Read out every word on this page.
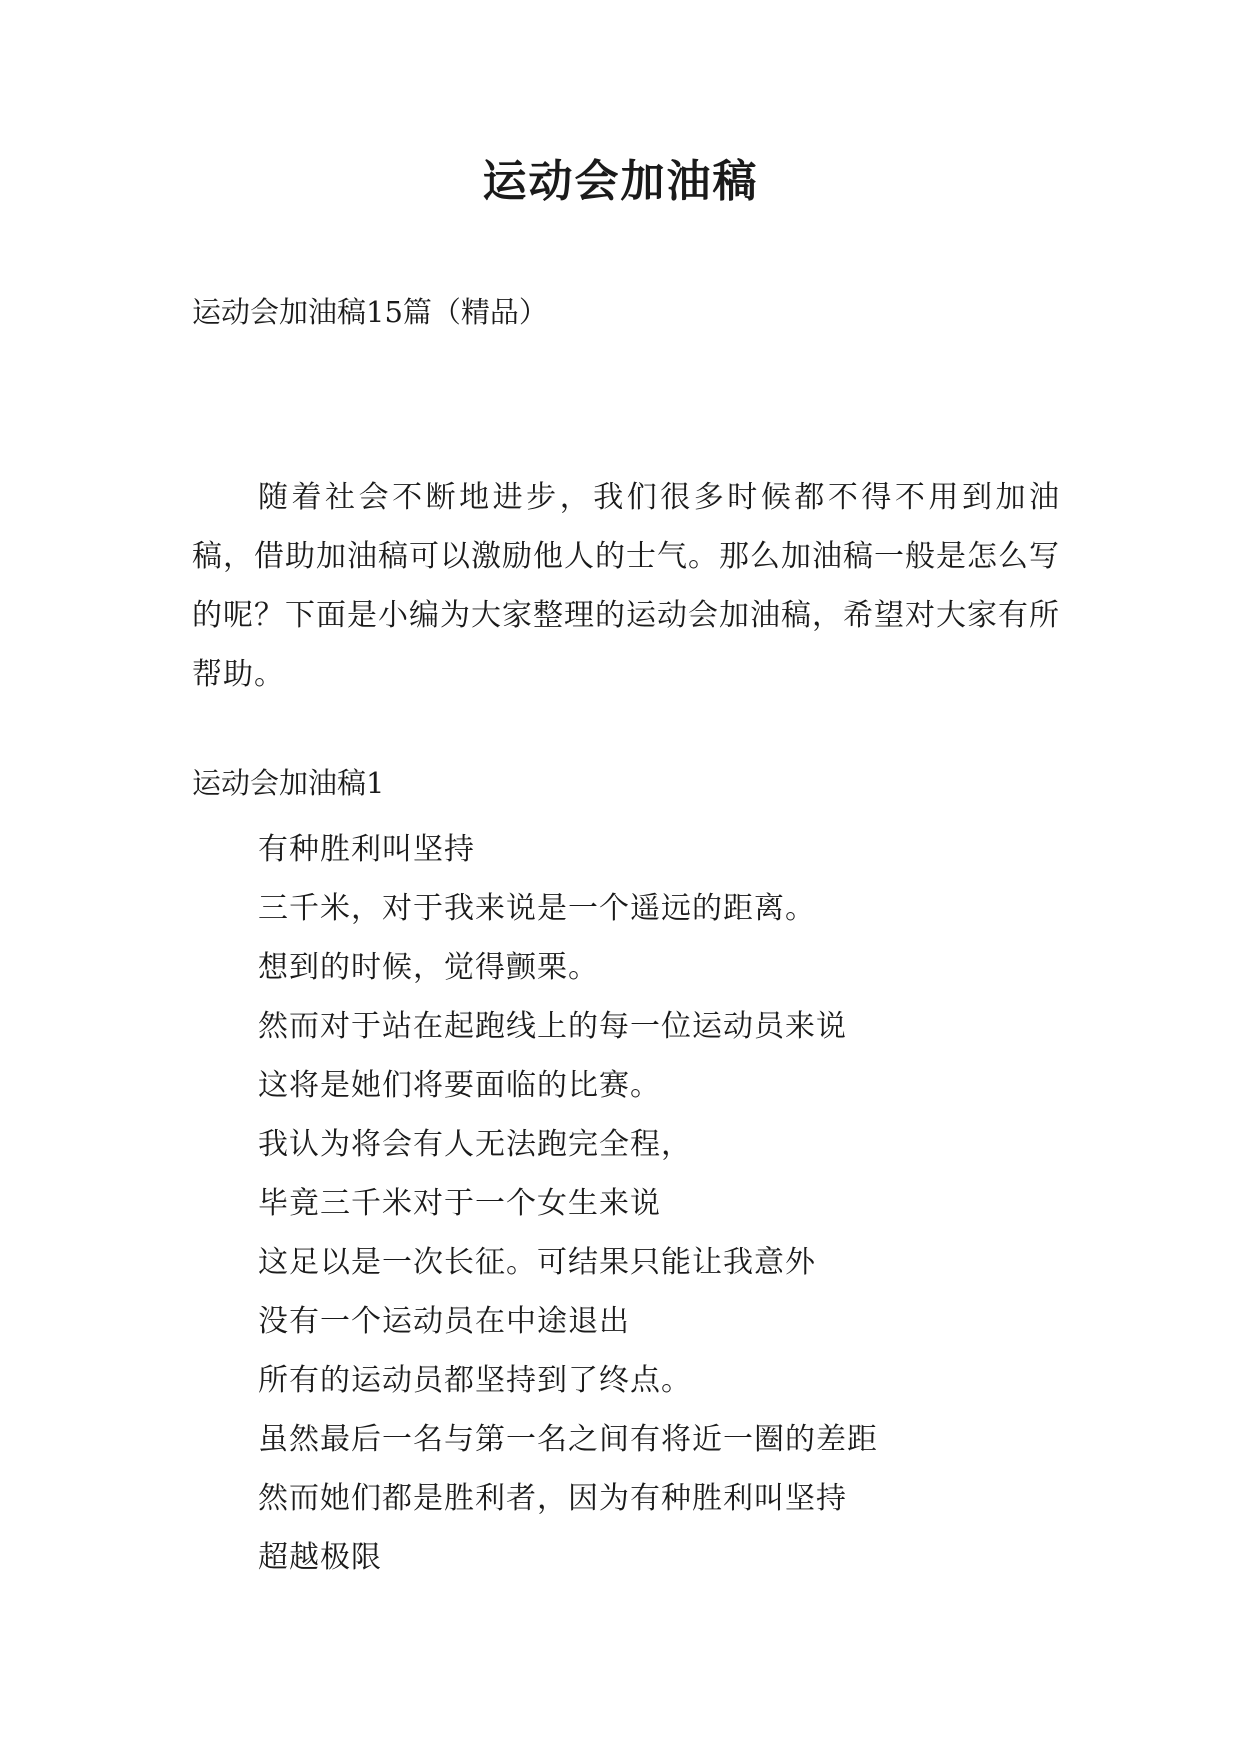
运动会加油稿
运动会加油稿15篇（精品）
随着社会不断地进步，我们很多时候都不得不用到加油稿，借助加油稿可以激励他人的士气。那么加油稿一般是怎么写的呢？下面是小编为大家整理的运动会加油稿，希望对大家有所帮助。
运动会加油稿1
有种胜利叫坚持
三千米，对于我来说是一个遥远的距离。
想到的时候，觉得颤栗。
然而对于站在起跑线上的每一位运动员来说
这将是她们将要面临的比赛。
我认为将会有人无法跑完全程，
毕竟三千米对于一个女生来说
这足以是一次长征。可结果只能让我意外
没有一个运动员在中途退出
所有的运动员都坚持到了终点。
虽然最后一名与第一名之间有将近一圈的差距
然而她们都是胜利者，因为有种胜利叫坚持
超越极限
